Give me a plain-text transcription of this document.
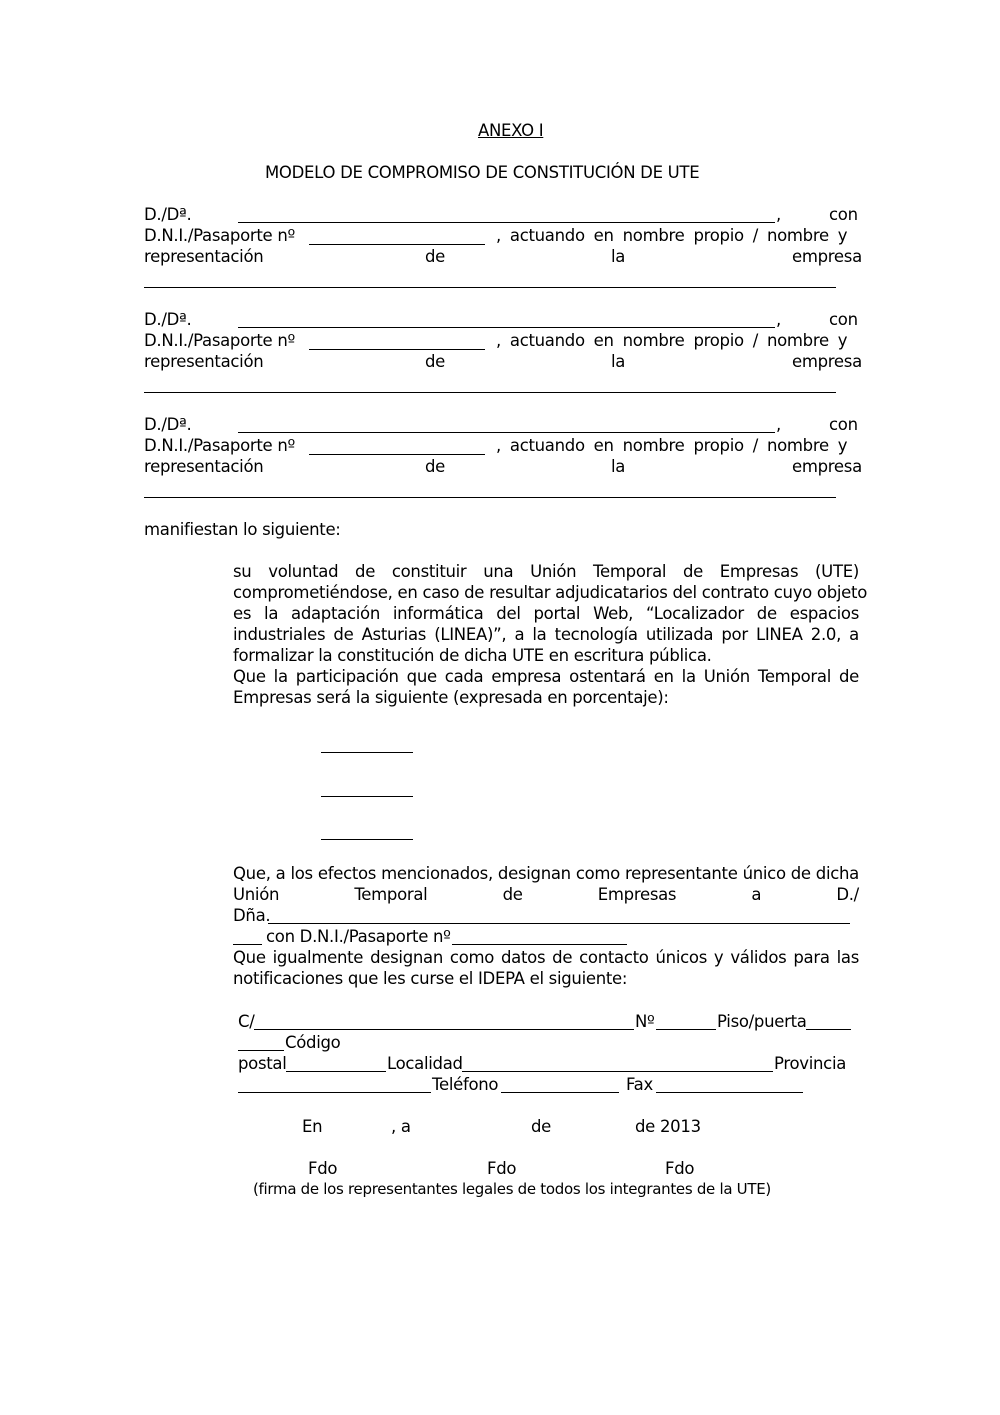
ANEXO I
MODELO DE COMPROMISO DE CONSTITUCIÓN DE UTE
D./Dª.	,	con
D.N.I./Pasaporte nº	, actuando en nombre propio / nombre y
representación	de	la	empresa
D./Dª.	,	con
D.N.I./Pasaporte nº	, actuando en nombre propio / nombre y
representación	de	la	empresa
D./Dª.	,	con
D.N.I./Pasaporte nº	, actuando en nombre propio / nombre y
representación	de	la	empresa
manifiestan lo siguiente:
su voluntad de constituir una Unión Temporal de Empresas (UTE)
comprometiéndose, en caso de resultar adjudicatarios del contrato cuyo objeto
es la adaptación informática del portal Web, “Localizador de espacios
industriales de Asturias (LINEA)”, a la tecnología utilizada por LINEA 2.0, a
formalizar la constitución de dicha UTE en escritura pública.
Que la participación que cada empresa ostentará en la Unión Temporal de
Empresas será la siguiente (expresada en porcentaje):
Que, a los efectos mencionados, designan como representante único de dicha
Unión	Temporal	de	Empresas	a	D./
Dña.
con D.N.I./Pasaporte nº
Que igualmente designan como datos de contacto únicos y válidos para las
notificaciones que les curse el IDEPA el siguiente:
C/	Nº	Piso/puerta
Código
postal	Localidad	Provincia
Teléfono	Fax
En	, a	de	de 2013
Fdo	Fdo	Fdo
(firma de los representantes legales de todos los integrantes de la UTE)
